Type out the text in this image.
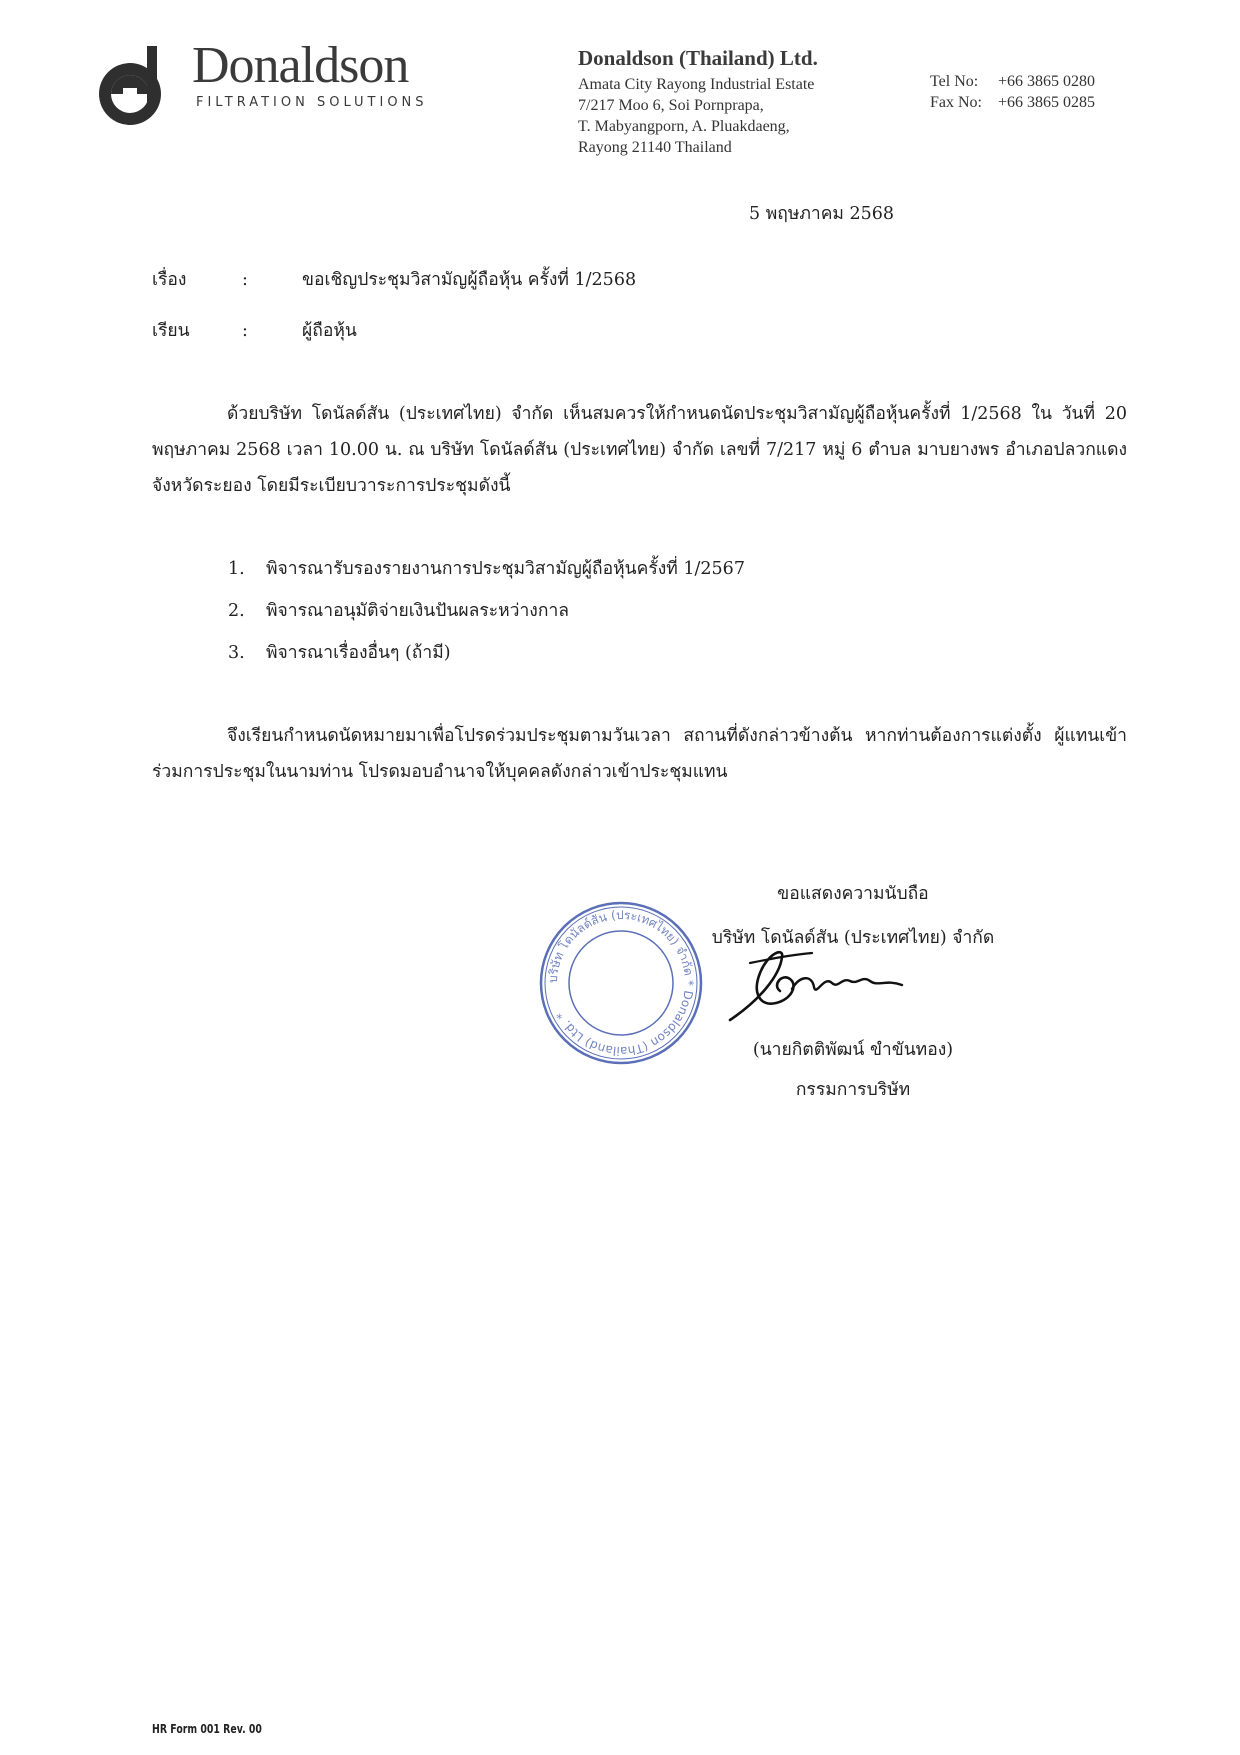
Donaldson
FILTRATION SOLUTIONS
Donaldson (Thailand) Ltd.
Amata City Rayong Industrial Estate
7/217 Moo 6, Soi Pornprapa,
T. Mabyangporn, A. Pluakdaeng,
Rayong 21140 Thailand
Tel No:	+66 3865 0280
Fax No:	+66 3865 0285
5 พฤษภาคม 2568
เรื่อง	:	ขอเชิญประชุมวิสามัญผู้ถือหุ้น ครั้งที่ 1/2568
เรียน	:	ผู้ถือหุ้น

ด้วยบริษัท โดนัลด์สัน (ประเทศไทย) จำกัด เห็นสมควรให้กำหนดนัดประชุมวิสามัญผู้ถือหุ้นครั้งที่ 1/2568 ใน วันที่ 20 พฤษภาคม 2568 เวลา 10.00 น. ณ บริษัท โดนัลด์สัน (ประเทศไทย) จำกัด เลขที่ 7/217 หมู่ 6 ตำบล มาบยางพร อำเภอปลวกแดง จังหวัดระยอง โดยมีระเบียบวาระการประชุมดังนี้

1.	พิจารณารับรองรายงานการประชุมวิสามัญผู้ถือหุ้นครั้งที่ 1/2567
2.	พิจารณาอนุมัติจ่ายเงินปันผลระหว่างกาล
3.	พิจารณาเรื่องอื่นๆ (ถ้ามี)

จึงเรียนกำหนดนัดหมายมาเพื่อโปรดร่วมประชุมตามวันเวลา สถานที่ดังกล่าวข้างต้น หากท่านต้องการแต่งตั้ง ผู้แทนเข้าร่วมการประชุมในนามท่าน โปรดมอบอำนาจให้บุคคลดังกล่าวเข้าประชุมแทน

บริษัท โดนัลด์สัน (ประเทศไทย) จำกัด * Donaldson (Thailand) Ltd. *
ขอแสดงความนับถือ
บริษัท โดนัลด์สัน (ประเทศไทย) จำกัด
(นายกิตติพัฒน์ ขำขันทอง)
กรรมการบริษัท
HR Form 001 Rev. 00
